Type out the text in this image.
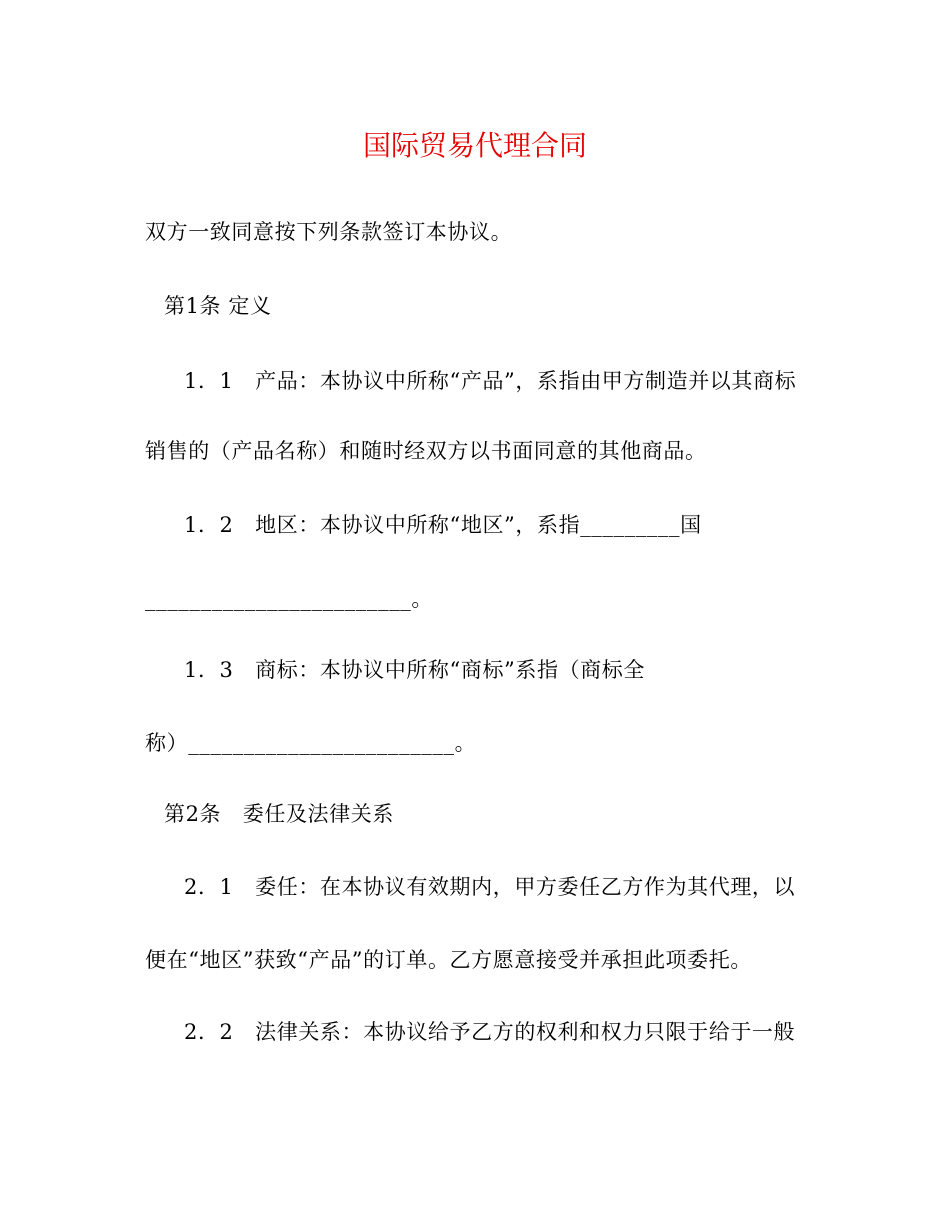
国际贸易代理合同
双方一致同意按下列条款签订本协议。
第1条 定义
1．1　产品：本协议中所称“产品”，系指由甲方制造并以其商标
销售的（产品名称）和随时经双方以书面同意的其他商品。
1．2　地区：本协议中所称“地区”，系指_________国
________________________。
1．3　商标：本协议中所称“商标”系指（商标全
称）________________________。
第2条　委任及法律关系
2．1　委任：在本协议有效期内，甲方委任乙方作为其代理，以
便在“地区”获致“产品”的订单。乙方愿意接受并承担此项委托。
2．2　法律关系：本协议给予乙方的权利和权力只限于给于一般
